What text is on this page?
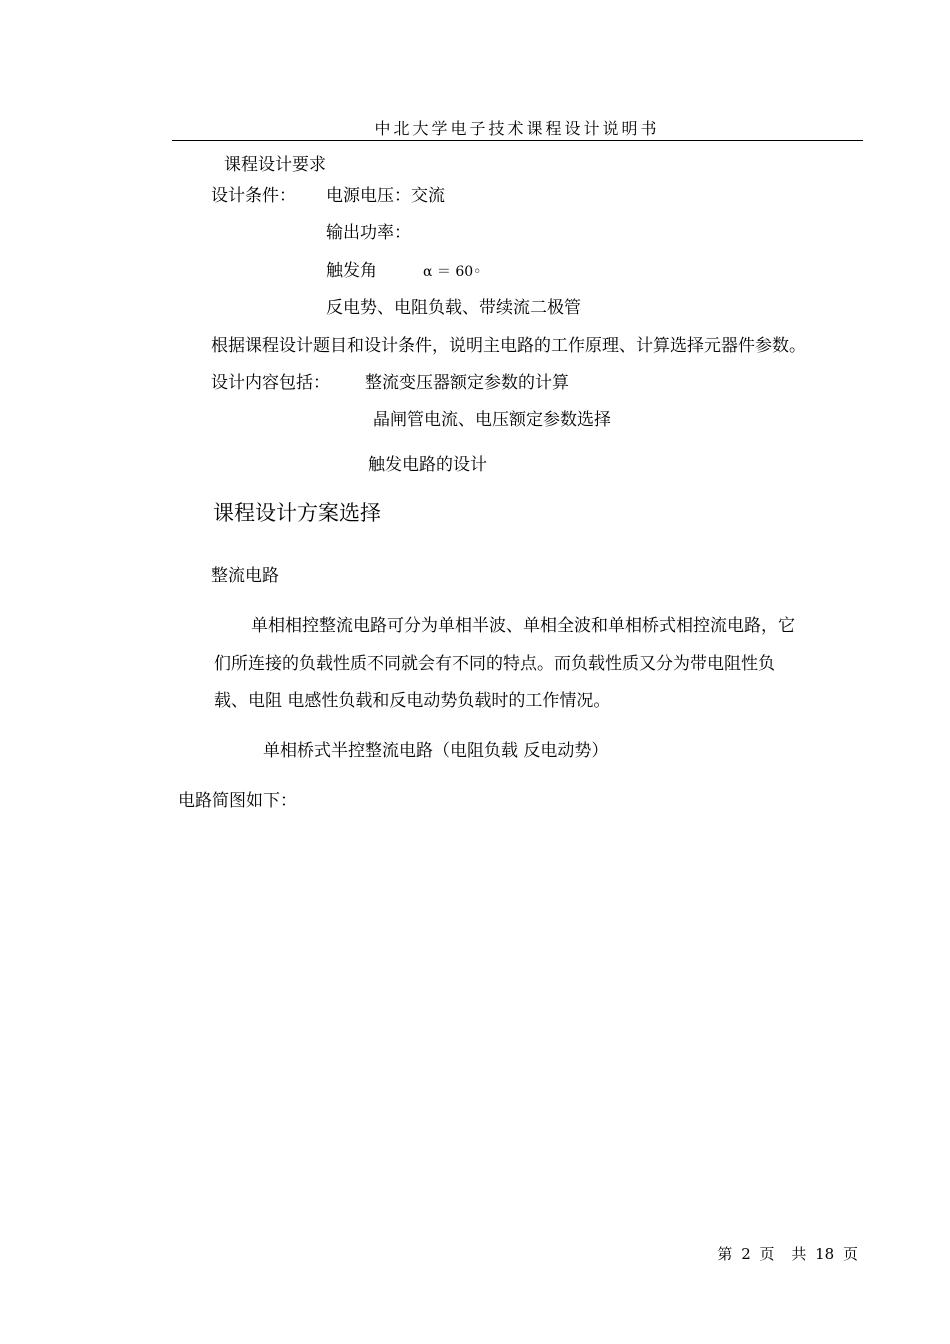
中北大学电子技术课程设计说明书
课程设计要求
设计条件： 电源电压：交流
输出功率：
触发角	α ＝ 60◦
反电势、电阻负载、带续流二极管
根据课程设计题目和设计条件，说明主电路的工作原理、计算选择元器件参数。
设计内容包括： 整流变压器额定参数的计算
晶闸管电流、电压额定参数选择
触发电路的设计
课程设计方案选择
整流电路
单相相控整流电路可分为单相半波、单相全波和单相桥式相控流电路，它
们所连接的负载性质不同就会有不同的特点。而负载性质又分为带电阻性负
载、电阻 电感性负载和反电动势负载时的工作情况。
单相桥式半控整流电路（电阻负载 反电动势）
电路简图如下：
第 2 页 共 18 页
